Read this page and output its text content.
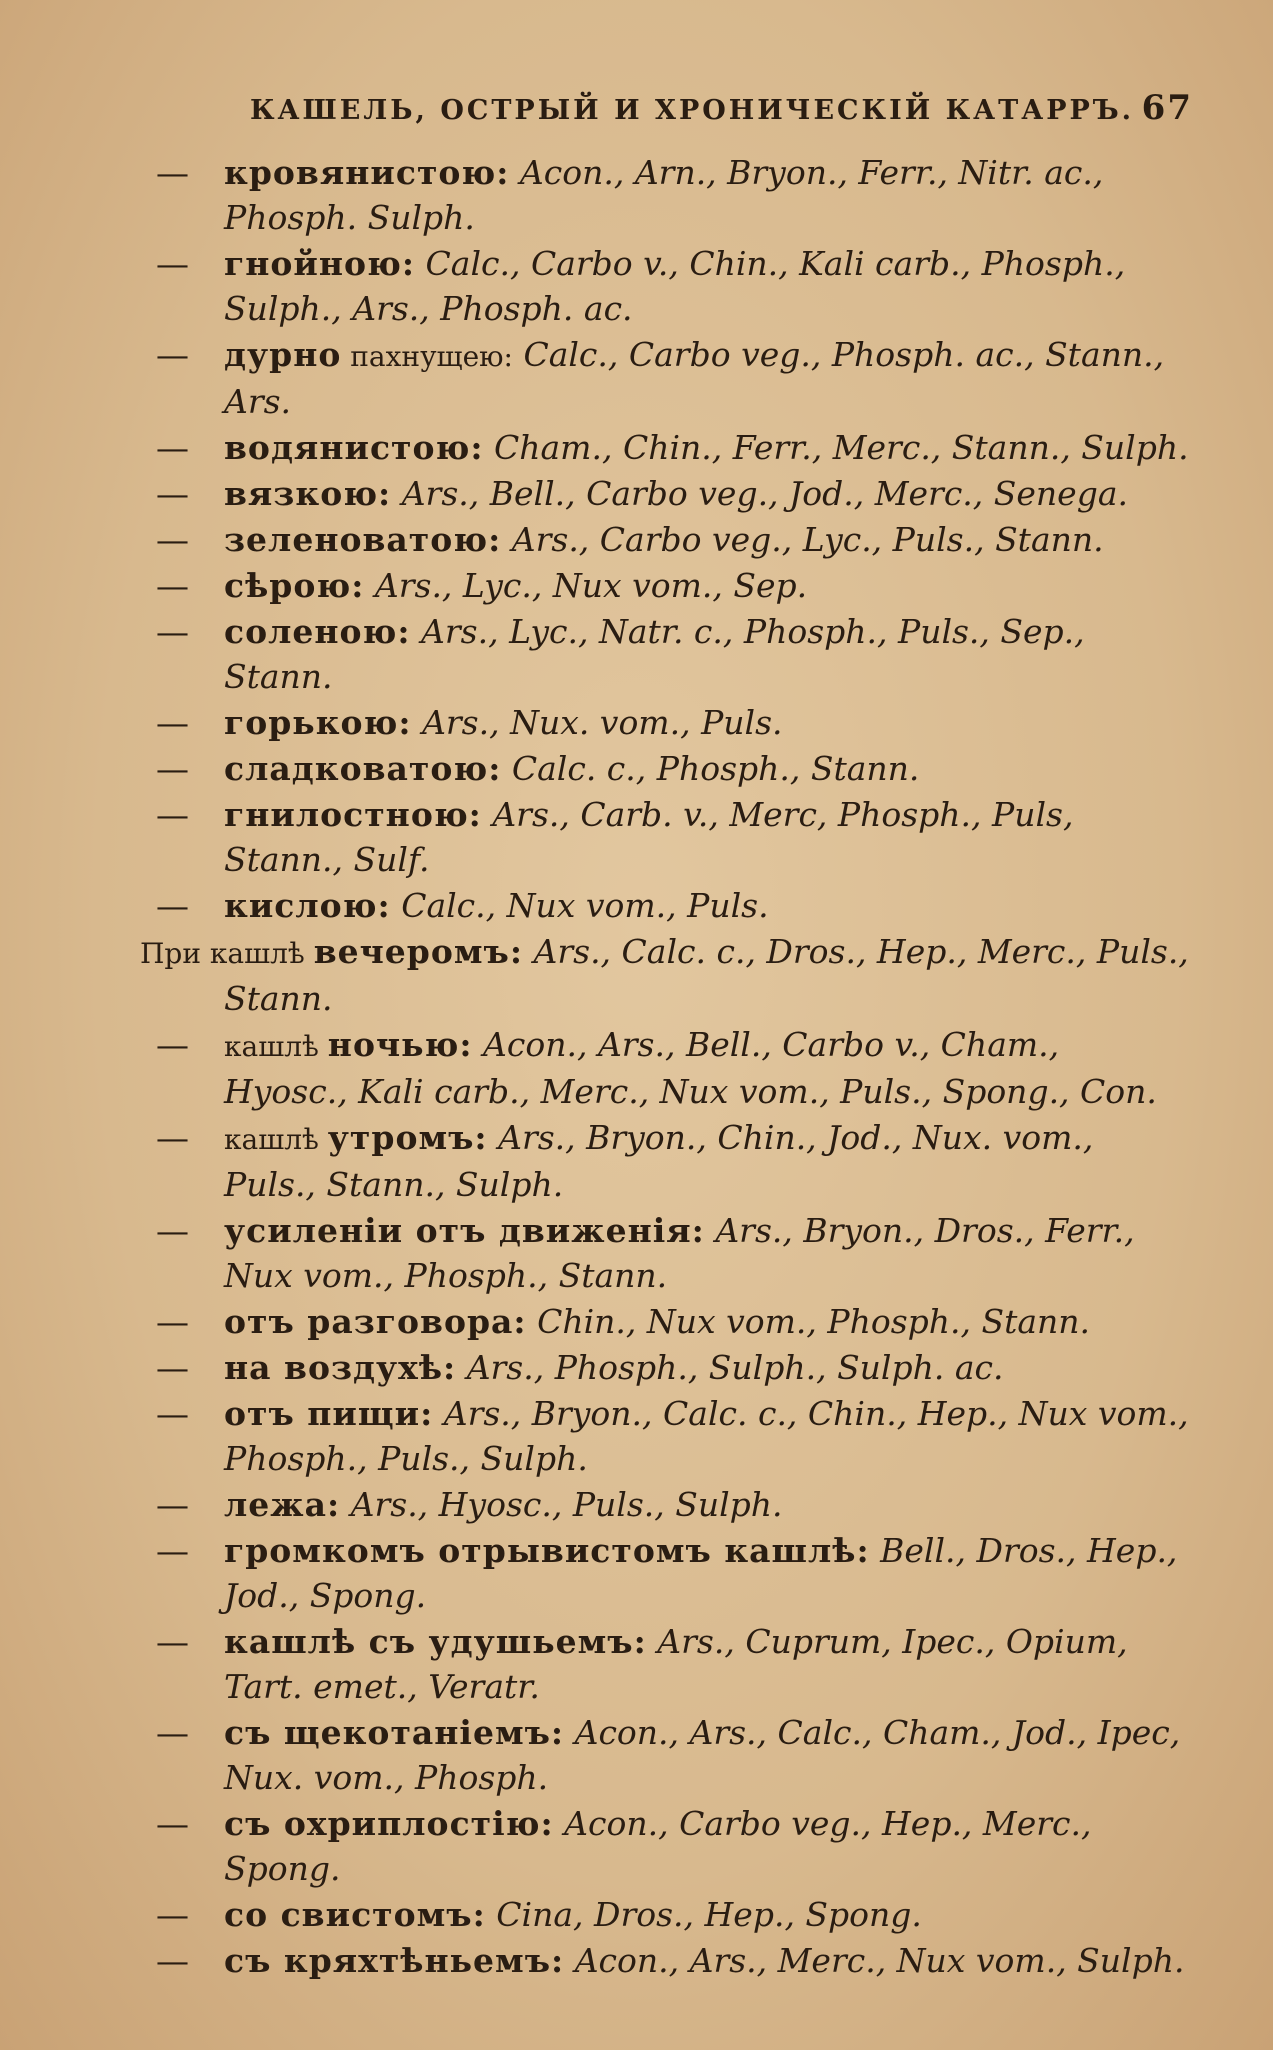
КАШЕЛЬ, ОСТРЫЙ И ХРОНИЧЕСКІЙ КАТАРРЪ. 67
— кровянистою: Acon., Arn., Bryon., Ferr., Nitr. ac., Phosph. Sulph.
— гнойною: Calc., Carbo v., Chin., Kali carb., Phosph., Sulph., Ars., Phosph. ac.
— дурно пахнущею: Calc., Carbo veg., Phosph. ac., Stann., Ars.
— водянистою: Cham., Chin., Ferr., Merc., Stann., Sulph.
— вязкою: Ars., Bell., Carbo veg., Jod., Merc., Senega.
— зеленоватою: Ars., Carbo veg., Lyc., Puls., Stann.
— сѣрою: Ars., Lyc., Nux vom., Sep.
— соленою: Ars., Lyc., Natr. c., Phosph., Puls., Sep., Stann.
— горькою: Ars., Nux. vom., Puls.
— сладковатою: Calc. c., Phosph., Stann.
— гнилостною: Ars., Carb. v., Merc, Phosph., Puls, Stann., Sulf.
— кислою: Calc., Nux vom., Puls.
При кашлѣ вечеромъ: Ars., Calc. c., Dros., Hep., Merc., Puls., Stann.
— кашлѣ ночью: Acon., Ars., Bell., Carbo v., Cham., Hyosc., Kali carb., Merc., Nux vom., Puls., Spong., Con.
— кашлѣ утромъ: Ars., Bryon., Chin., Jod., Nux. vom., Puls., Stann., Sulph.
— усиленіи отъ движенія: Ars., Bryon., Dros., Ferr., Nux vom., Phosph., Stann.
— отъ разговора: Chin., Nux vom., Phosph., Stann.
— на воздухѣ: Ars., Phosph., Sulph., Sulph. ac.
— отъ пищи: Ars., Bryon., Calc. c., Chin., Hep., Nux vom., Phosph., Puls., Sulph.
— лежа: Ars., Hyosc., Puls., Sulph.
— громкомъ отрывистомъ кашлѣ: Bell., Dros., Hep., Jod., Spong.
— кашлѣ съ удушьемъ: Ars., Cuprum, Ipec., Opium, Tart. emet., Veratr.
— съ щекотаніемъ: Acon., Ars., Calc., Cham., Jod., Ipec, Nux. vom., Phosph.
— съ охриплостію: Acon., Carbo veg., Hep., Merc., Spong.
— со свистомъ: Cina, Dros., Hep., Spong.
— съ кряхтѣньемъ: Acon., Ars., Merc., Nux vom., Sulph.
